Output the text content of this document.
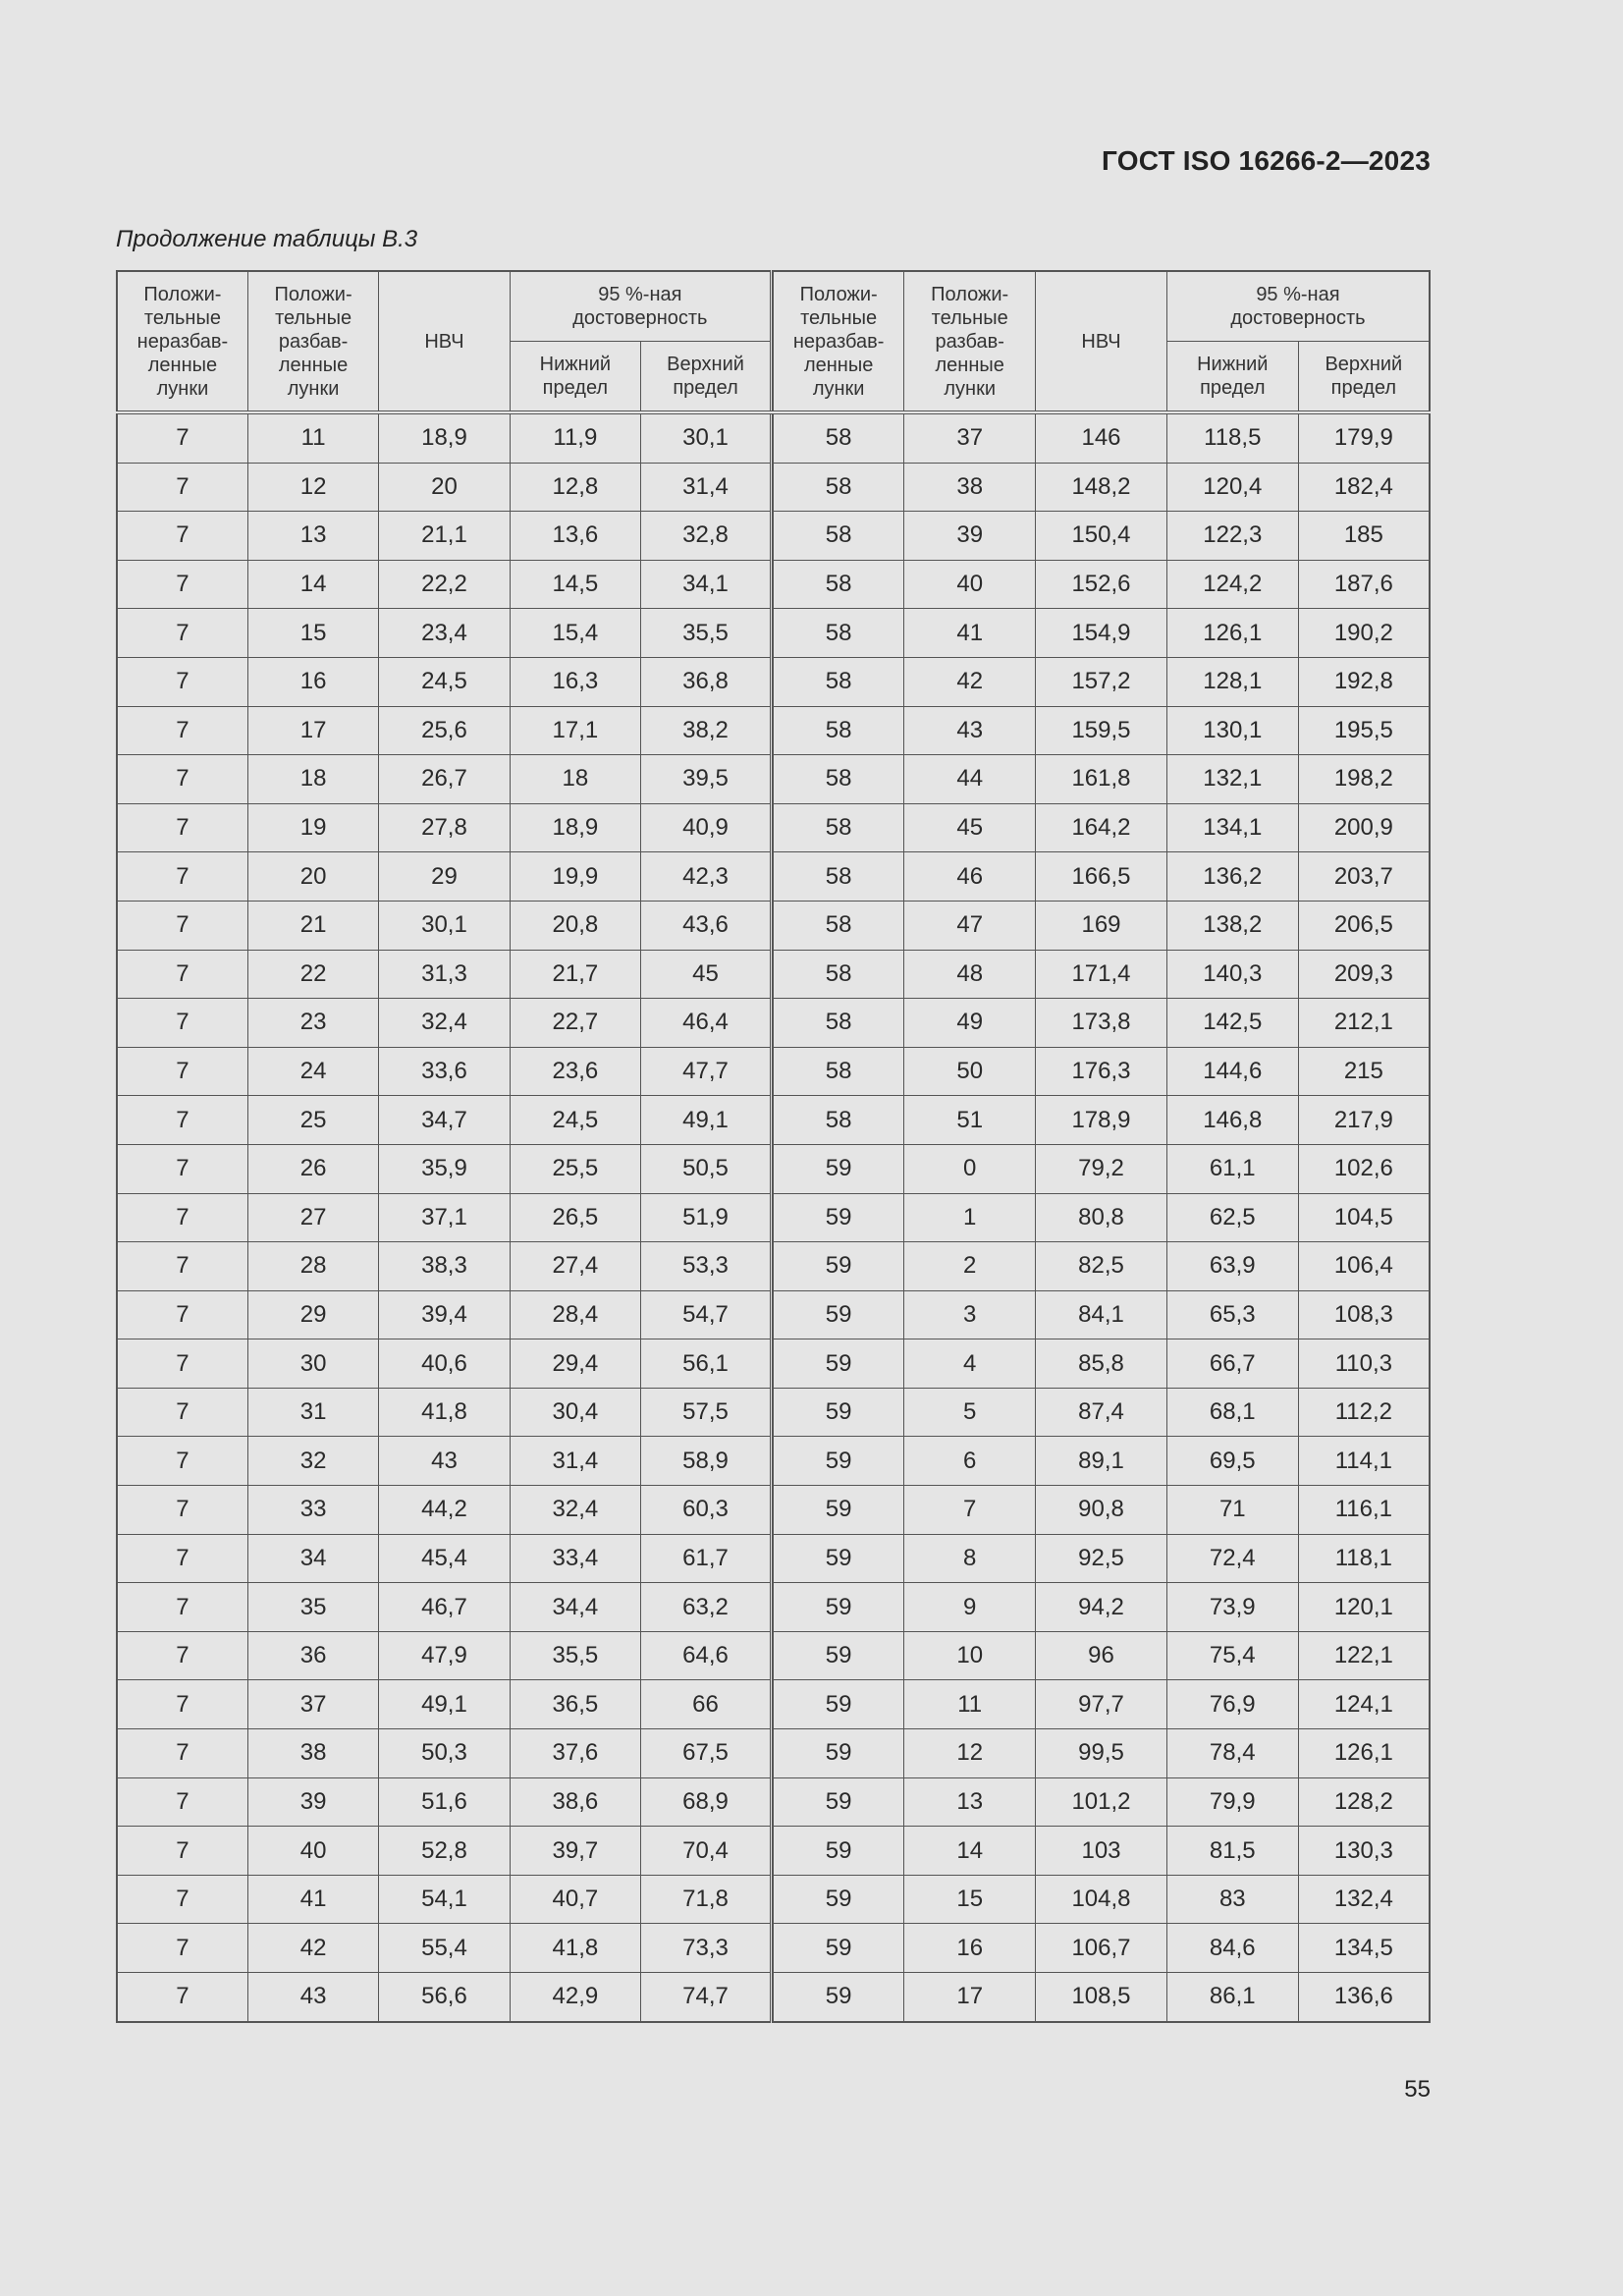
ГОСТ ISO 16266-2—2023
Продолжение таблицы B.3
Положи-
тельные
неразбав-
ленные
лунки	Положи-
тельные
разбав-
ленные
лунки	НВЧ	95 %-ная
достоверность	
			Нижний
предел	Верхний
предел
7	11	18,9	11,9	30,1
7	12	20	12,8	31,4
7	13	21,1	13,6	32,8
7	14	22,2	14,5	34,1
7	15	23,4	15,4	35,5
7	16	24,5	16,3	36,8
7	17	25,6	17,1	38,2
7	18	26,7	18	39,5
7	19	27,8	18,9	40,9
7	20	29	19,9	42,3
7	21	30,1	20,8	43,6
7	22	31,3	21,7	45
7	23	32,4	22,7	46,4
7	24	33,6	23,6	47,7
7	25	34,7	24,5	49,1
7	26	35,9	25,5	50,5
7	27	37,1	26,5	51,9
7	28	38,3	27,4	53,3
7	29	39,4	28,4	54,7
7	30	40,6	29,4	56,1
7	31	41,8	30,4	57,5
7	32	43	31,4	58,9
7	33	44,2	32,4	60,3
7	34	45,4	33,4	61,7
7	35	46,7	34,4	63,2
7	36	47,9	35,5	64,6
7	37	49,1	36,5	66
7	38	50,3	37,6	67,5
7	39	51,6	38,6	68,9
7	40	52,8	39,7	70,4
7	41	54,1	40,7	71,8
7	42	55,4	41,8	73,3
7	43	56,6	42,9	74,7
Положи-
тельные
неразбав-
ленные
лунки	Положи-
тельные
разбав-
ленные
лунки	НВЧ	95 %-ная
достоверность	
			Нижний
предел	Верхний
предел
58	37	146	118,5	179,9
58	38	148,2	120,4	182,4
58	39	150,4	122,3	185
58	40	152,6	124,2	187,6
58	41	154,9	126,1	190,2
58	42	157,2	128,1	192,8
58	43	159,5	130,1	195,5
58	44	161,8	132,1	198,2
58	45	164,2	134,1	200,9
58	46	166,5	136,2	203,7
58	47	169	138,2	206,5
58	48	171,4	140,3	209,3
58	49	173,8	142,5	212,1
58	50	176,3	144,6	215
58	51	178,9	146,8	217,9
59	0	79,2	61,1	102,6
59	1	80,8	62,5	104,5
59	2	82,5	63,9	106,4
59	3	84,1	65,3	108,3
59	4	85,8	66,7	110,3
59	5	87,4	68,1	112,2
59	6	89,1	69,5	114,1
59	7	90,8	71	116,1
59	8	92,5	72,4	118,1
59	9	94,2	73,9	120,1
59	10	96	75,4	122,1
59	11	97,7	76,9	124,1
59	12	99,5	78,4	126,1
59	13	101,2	79,9	128,2
59	14	103	81,5	130,3
59	15	104,8	83	132,4
59	16	106,7	84,6	134,5
59	17	108,5	86,1	136,6
55
